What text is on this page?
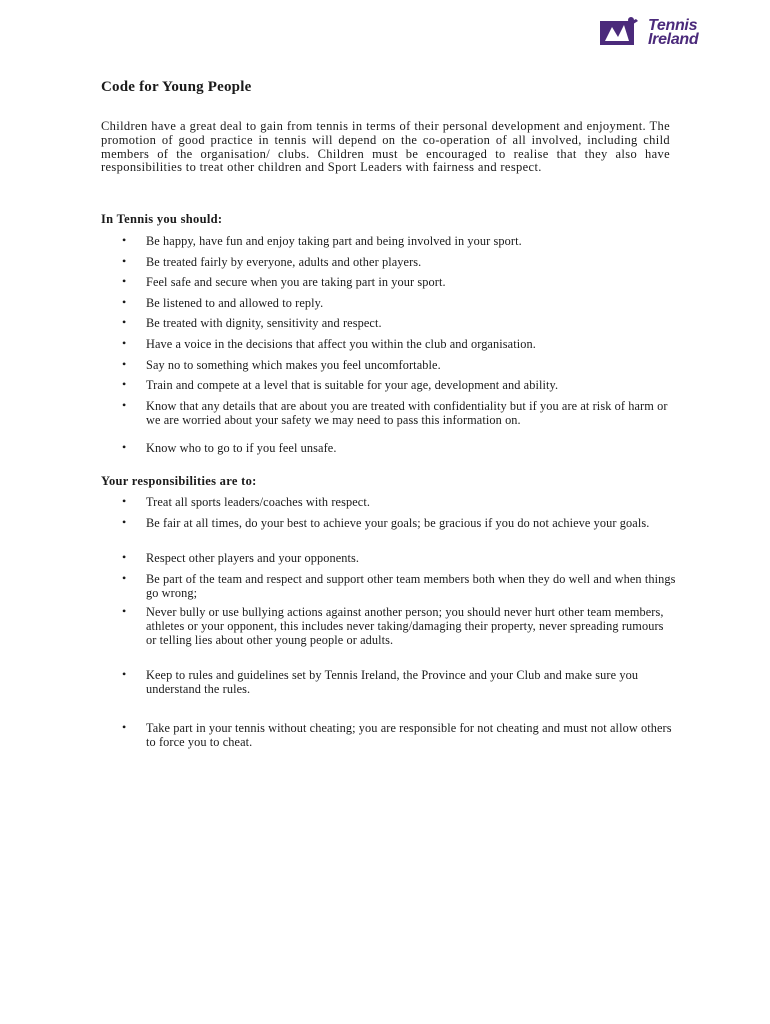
Tennis
Ireland
Code for Young People

Children have a great deal to gain from tennis in terms of their personal development and enjoyment. The promotion of good practice in tennis will depend on the co-operation of all involved, including child members of the organisation/ clubs. Children must be encouraged to realise that they also have responsibilities to treat other children and Sport Leaders with fairness and respect.

In Tennis you should:
• Be happy, have fun and enjoy taking part and being involved in your sport.

• Be treated fairly by everyone, adults and other players.

• Feel safe and secure when you are taking part in your sport.

• Be listened to and allowed to reply.

• Be treated with dignity, sensitivity and respect.

• Have a voice in the decisions that affect you within the club and organisation.

• Say no to something which makes you feel uncomfortable.

• Train and compete at a level that is suitable for your age, development and ability.

• Know that any details that are about you are treated with confidentiality but if you are at risk of harm or we are worried about your safety we may need to pass this information on.

• Know who to go to if you feel unsafe.

Your responsibilities are to:
• Treat all sports leaders/coaches with respect.

• Be fair at all times, do your best to achieve your goals; be gracious if you do not achieve your goals.

• Respect other players and your opponents.

• Be part of the team and respect and support other team members both when they do well and when things go wrong;

• Never bully or use bullying actions against another person; you should never hurt other team members, athletes or your opponent, this includes never taking/damaging their property, never spreading rumours or telling lies about other young people or adults.

• Keep to rules and guidelines set by Tennis Ireland, the Province and your Club and make sure you understand the rules.

• Take part in your tennis without cheating; you are responsible for not cheating and must not allow others to force you to cheat.
